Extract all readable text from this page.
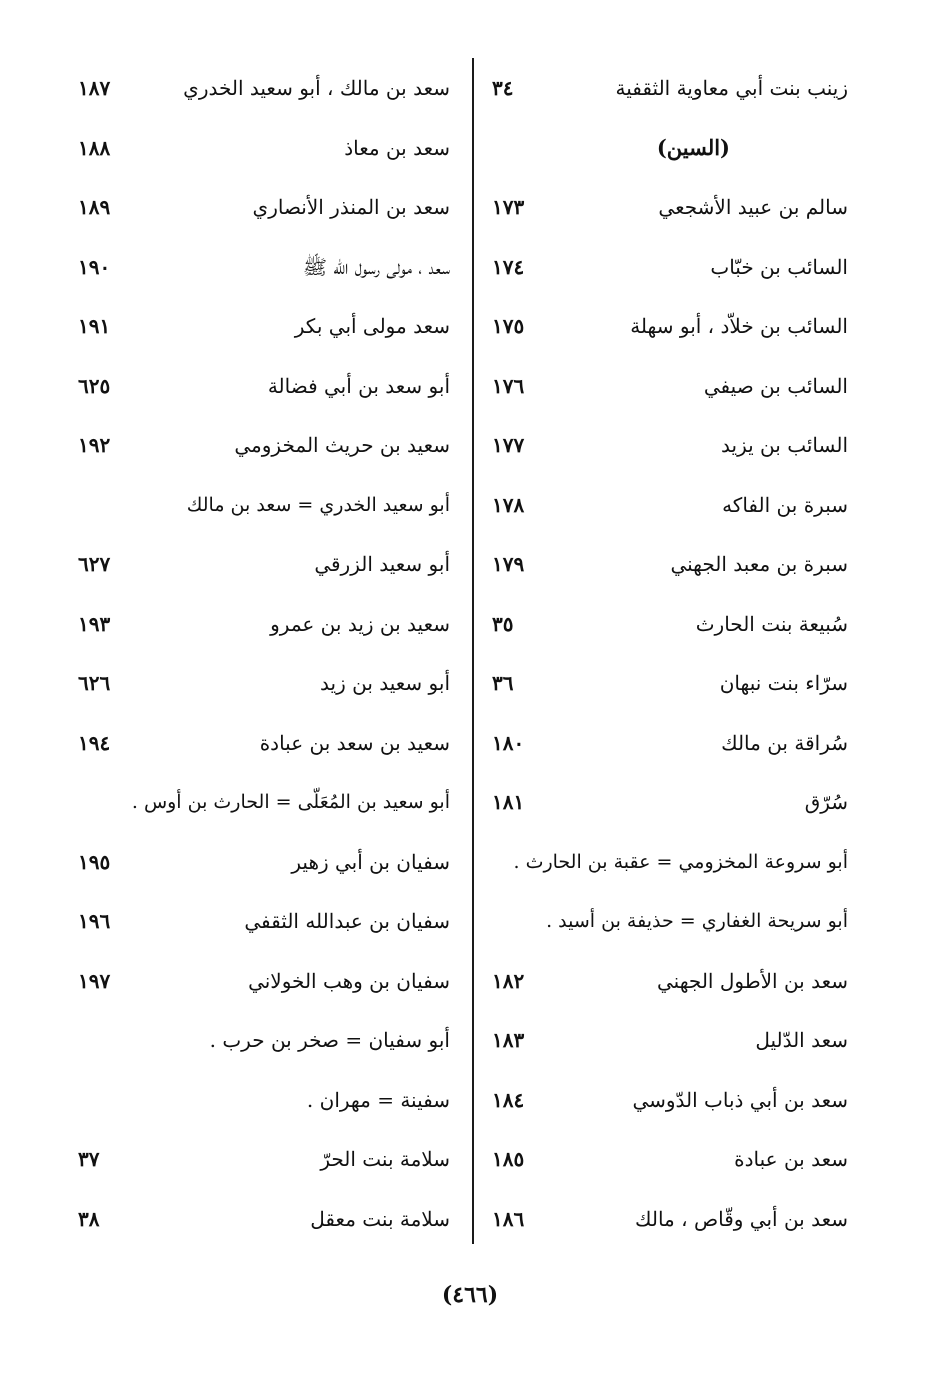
زينب بنت أبي معاوية الثقفية
٣٤
(السين)
سالم بن عبيد الأشجعي
١٧٣
السائب بن خبّاب
١٧٤
السائب بن خلاّد ، أبو سهلة
١٧٥
السائب بن صيفي
١٧٦
السائب بن يزيد
١٧٧
سبرة بن الفاكه
١٧٨
سبرة بن معبد الجهني
١٧٩
سُبيعة بنت الحارث
٣٥
سرّاء بنت نبهان
٣٦
سُراقة بن مالك
١٨٠
سُرّق
١٨١
أبو سروعة المخزومي = عقبة بن الحارث .
أبو سريحة الغفاري = حذيفة بن أسيد .
سعد بن الأطول الجهني
١٨٢
سعد الدّليل
١٨٣
سعد بن أبي ذباب الدّوسي
١٨٤
سعد بن عبادة
١٨٥
سعد بن أبي وقّاص ، مالك
١٨٦
سعد بن مالك ، أبو سعيد الخدري
١٨٧
سعد بن معاذ
١٨٨
سعد بن المنذر الأنصاري
١٨٩
سعد ، مولى رسول الله ﷺ
١٩٠
سعد مولى أبي بكر
١٩١
أبو سعد بن أبي فضالة
٦٢٥
سعيد بن حريث المخزومي
١٩٢
أبو سعيد الخدري = سعد بن مالك
أبو سعيد الزرقي
٦٢٧
سعيد بن زيد بن عمرو
١٩٣
أبو سعيد بن زيد
٦٢٦
سعيد بن سعد بن عبادة
١٩٤
أبو سعيد بن المُعَلّى = الحارث بن أوس .
سفيان بن أبي زهير
١٩٥
سفيان بن عبدالله الثقفي
١٩٦
سفيان بن وهب الخولاني
١٩٧
أبو سفيان = صخر بن حرب .
سفينة = مهران .
سلامة بنت الحرّ
٣٧
سلامة بنت معقل
٣٨
(٤٦٦)
